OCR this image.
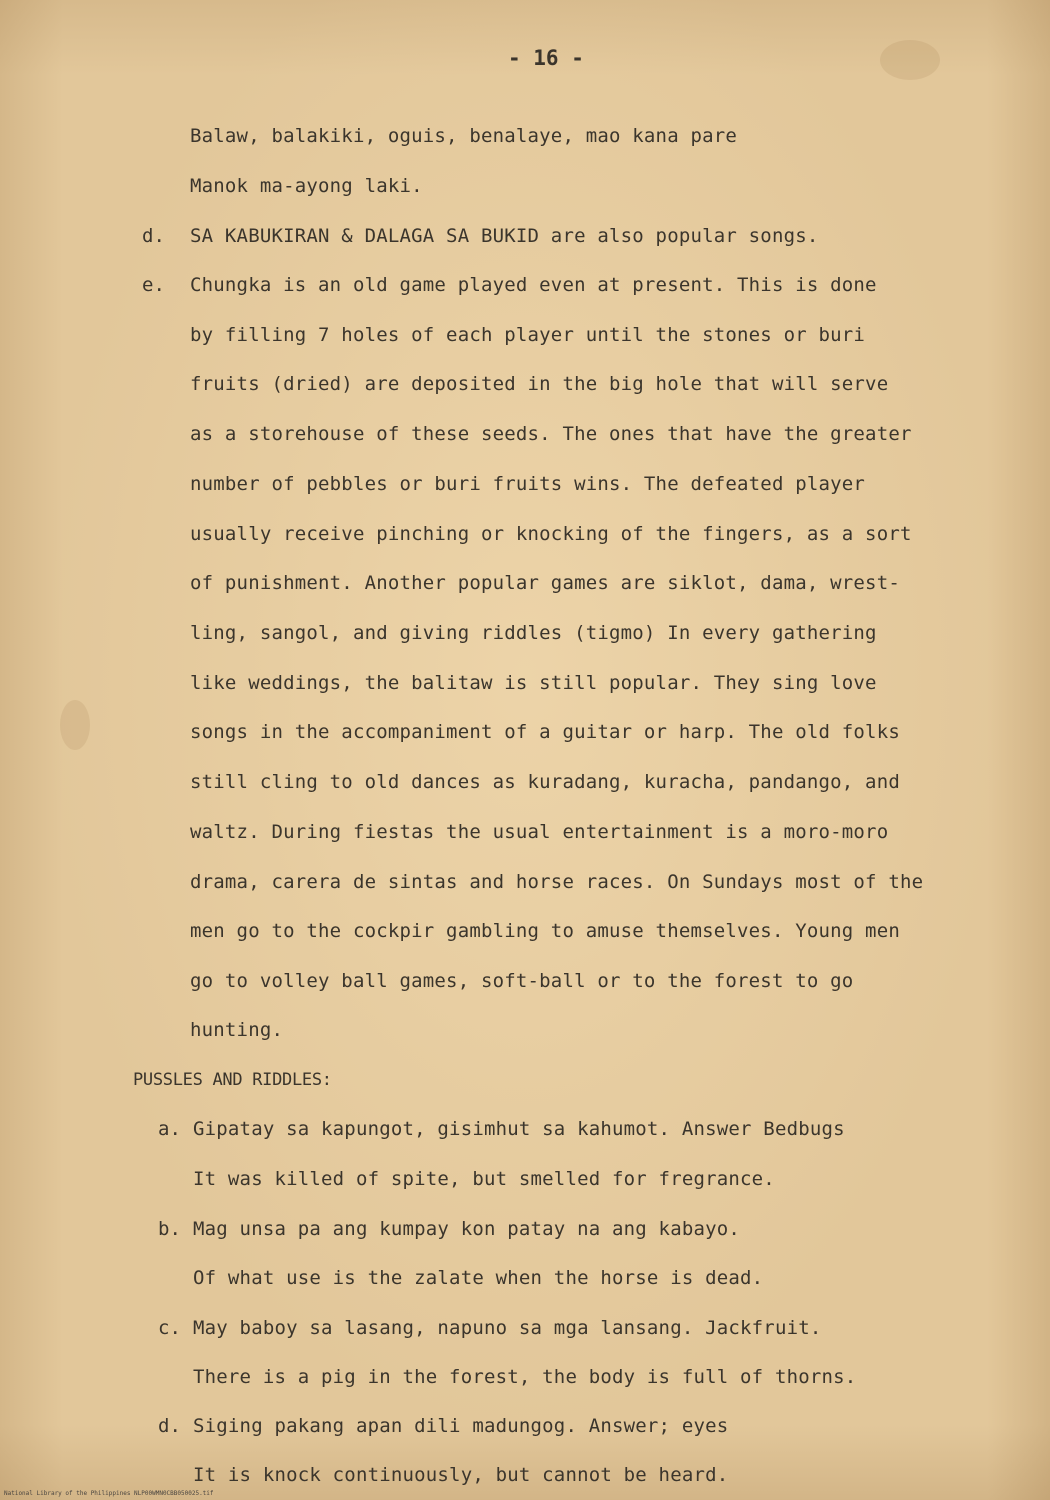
- 16 -
Balaw, balakiki, oguis, benalaye, mao kana pare
Manok ma-ayong laki.
d. SA KABUKIRAN & DALAGA SA BUKID are also popular songs.
e. Chungka is an old game played even at present. This is done
by filling 7 holes of each player until the stones or buri
fruits (dried) are deposited in the big hole that will serve
as a storehouse of these seeds. The ones that have the greater
number of pebbles or buri fruits wins. The defeated player
usually receive pinching or knocking of the fingers, as a sort
of punishment. Another popular games are siklot, dama, wrest-
ling, sangol, and giving riddles (tigmo) In every gathering
like weddings, the balitaw is still popular. They sing love
songs in the accompaniment of a guitar or harp. The old folks
still cling to old dances as kuradang, kuracha, pandango, and
waltz. During fiestas the usual entertainment is a moro-moro
drama, carera de sintas and horse races. On Sundays most of the
men go to the cockpir gambling to amuse themselves. Young men
go to volley ball games, soft-ball or to the forest to go
hunting.
PUSSLES AND RIDDLES:
a. Gipatay sa kapungot, gisimhut sa kahumot. Answer Bedbugs
It was killed of spite, but smelled for fregrance.
b. Mag unsa pa ang kumpay kon patay na ang kabayo.
Of what use is the zalate when the horse is dead.
c. May baboy sa lasang, napuno sa mga lansang. Jackfruit.
There is a pig in the forest, the body is full of thorns.
d. Siging pakang apan dili madungog. Answer; eyes
It is knock continuously, but cannot be heard.
National Library of the Philippines NLP00WMN0CBB050025.tif
